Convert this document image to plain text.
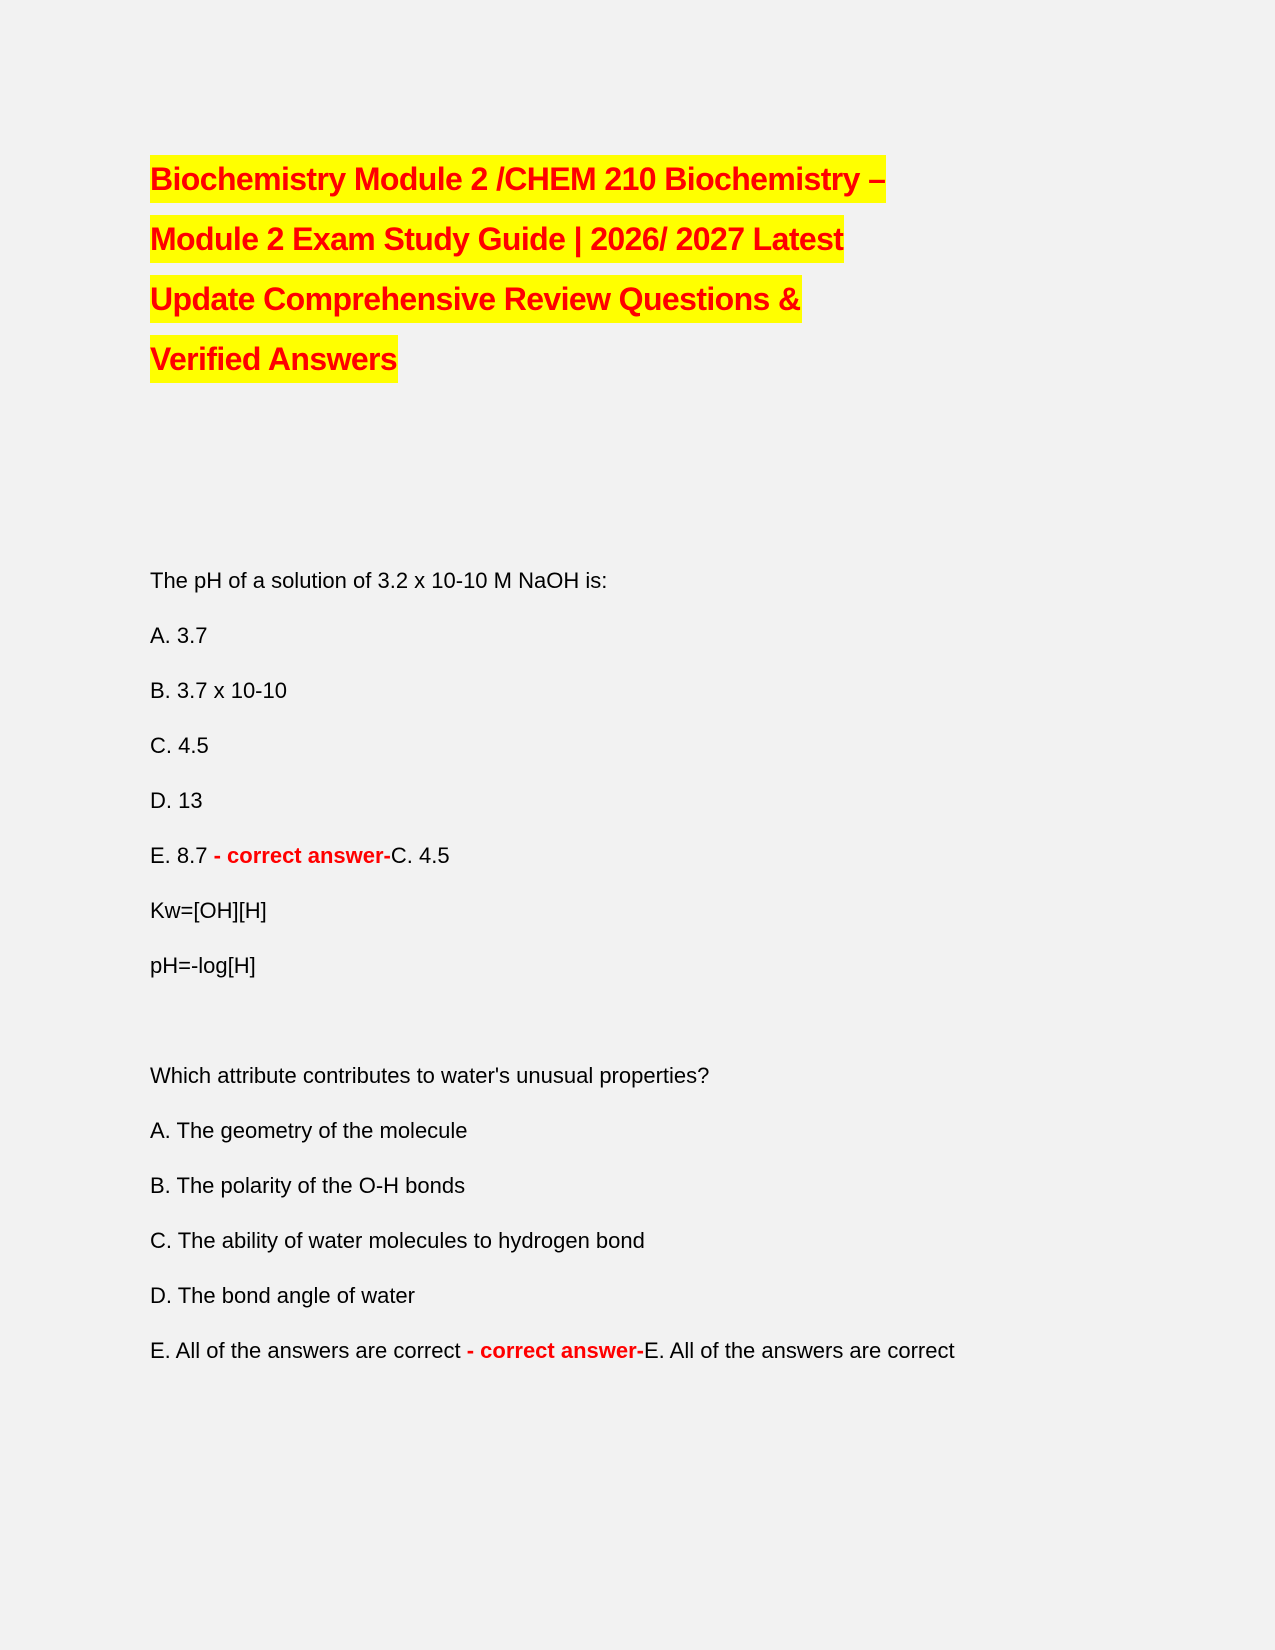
Biochemistry Module 2 /CHEM 210 Biochemistry –
Module 2 Exam Study Guide | 2026/ 2027 Latest
Update Comprehensive Review Questions &
Verified Answers
The pH of a solution of 3.2 x 10-10 M NaOH is:
A. 3.7
B. 3.7 x 10-10
C. 4.5
D. 13
E. 8.7 - correct answer-C. 4.5
Kw=[OH][H]
pH=-log[H]
Which attribute contributes to water's unusual properties?
A. The geometry of the molecule
B. The polarity of the O-H bonds
C. The ability of water molecules to hydrogen bond
D. The bond angle of water
E. All of the answers are correct - correct answer-E. All of the answers are correct
